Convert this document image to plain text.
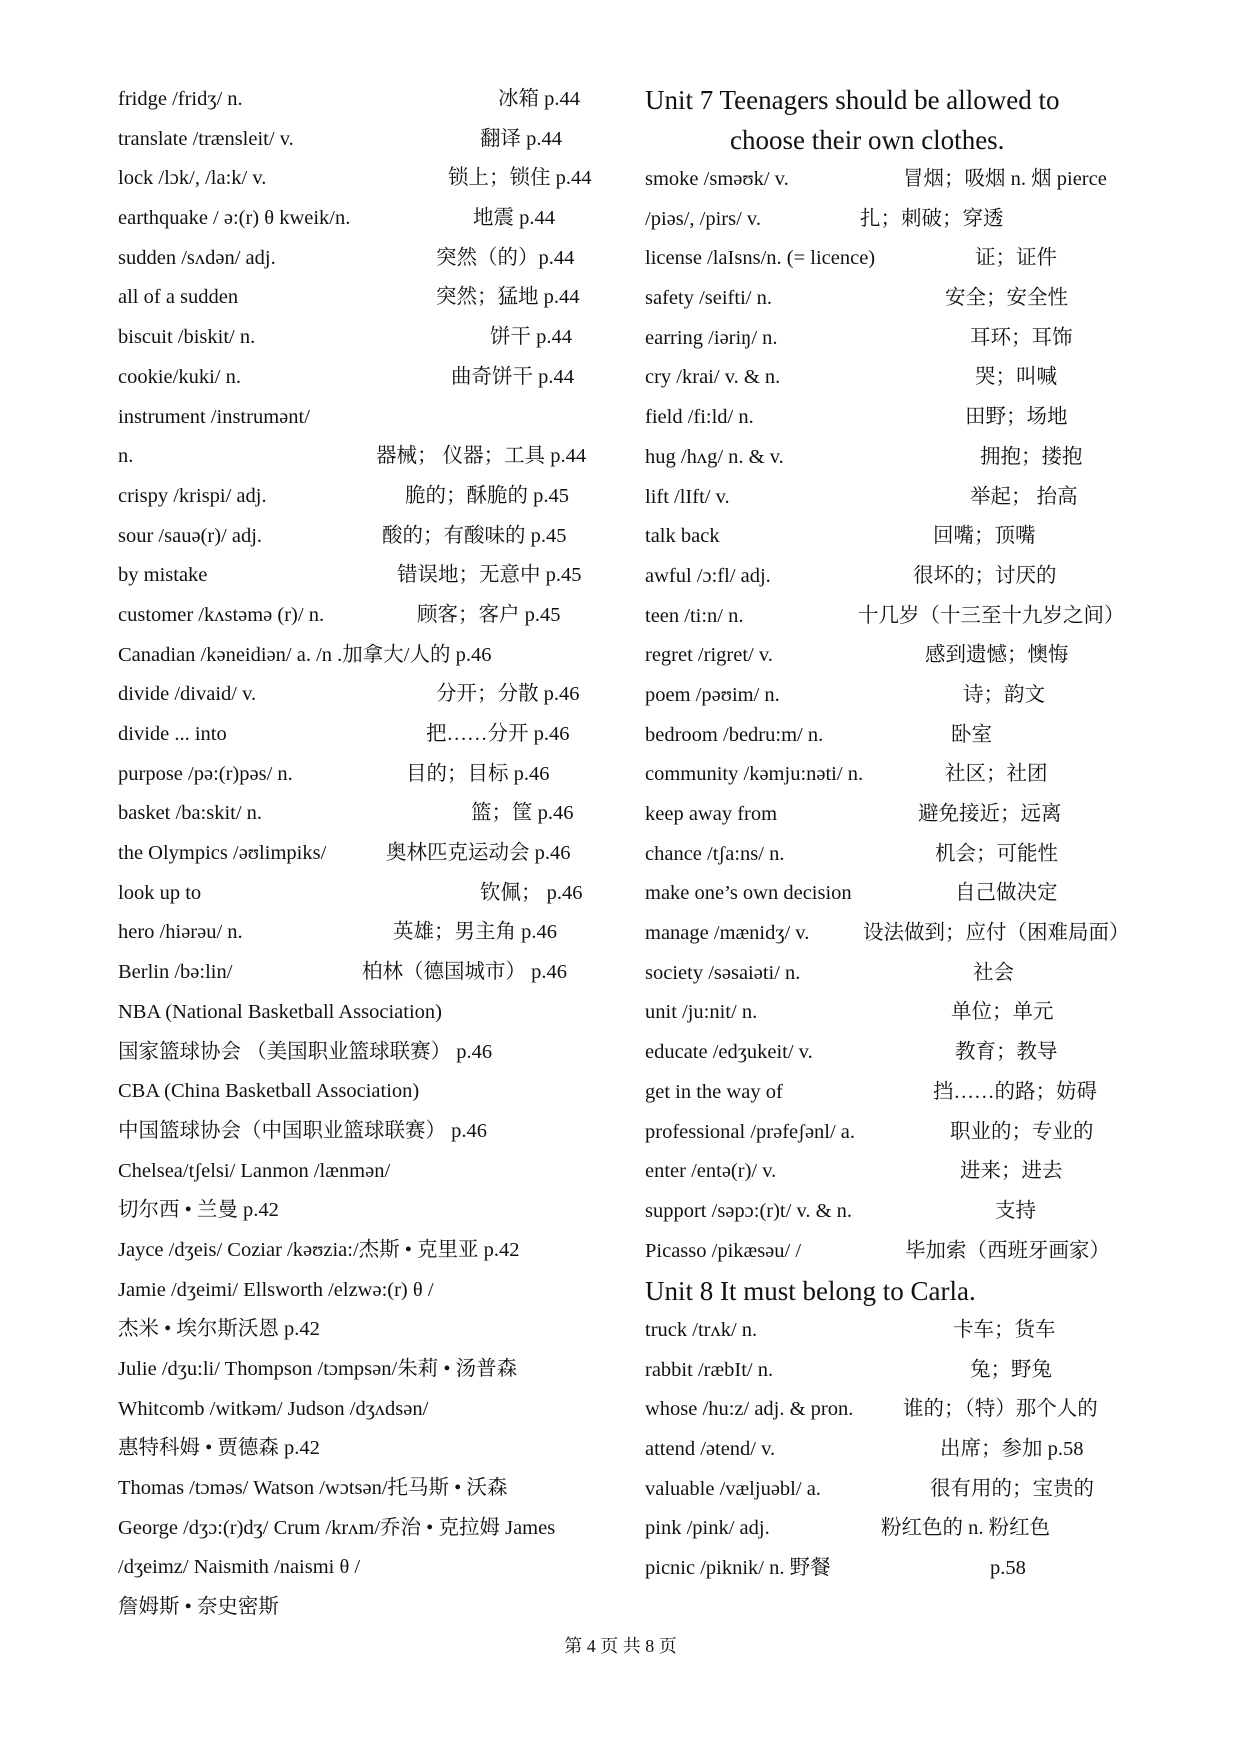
fridge /fridʒ/ n.	冰箱 p.44
translate /trænsleit/ v.	翻译 p.44
lock /lɔk/, /la:k/ v.	锁上；锁住 p.44
earthquake / ə:(r) θ kweik/n.	地震 p.44
sudden /sʌdən/ adj.	突然（的）p.44
all of a sudden	突然；猛地 p.44
biscuit /biskit/ n.	饼干 p.44
cookie/kuki/ n.	曲奇饼干 p.44
instrument /instrumənt/
n.	器械； 仪器；工具 p.44
crispy /krispi/ adj.	脆的；酥脆的 p.45
sour /sauə(r)/ adj.	酸的；有酸味的 p.45
by mistake	错误地；无意中 p.45
customer /kʌstəmə (r)/ n.	顾客；客户 p.45
Canadian /kəneidiən/ a. /n .加拿大/人的 p.46
divide /divaid/ v.	分开；分散 p.46
divide ... into	把……分开 p.46
purpose /pə:(r)pəs/ n.	目的；目标 p.46
basket /ba:skit/ n.	篮；筐 p.46
the Olympics /əʊlimpiks/	奥林匹克运动会 p.46
look up to	钦佩； p.46
hero /hiərəu/ n.	英雄；男主角 p.46
Berlin /bə:lin/	柏林（德国城市） p.46
NBA (National Basketball Association)
国家篮球协会 （美国职业篮球联赛） p.46
CBA (China Basketball Association)
中国篮球协会（中国职业篮球联赛） p.46
Chelsea/tʃelsi/ Lanmon /lænmən/
切尔西 • 兰曼 p.42
Jayce /dʒeis/ Coziar /kəʊzia:/杰斯 • 克里亚 p.42
Jamie /dʒeimi/ Ellsworth /elzwə:(r) θ /
杰米 • 埃尔斯沃恩 p.42
Julie /dʒu:li/ Thompson /tɔmpsən/朱莉 • 汤普森
Whitcomb /witkəm/ Judson /dʒʌdsən/
惠特科姆 • 贾德森 p.42
Thomas /tɔməs/ Watson /wɔtsən/托马斯 • 沃森
George /dʒɔ:(r)dʒ/ Crum /krʌm/乔治 • 克拉姆 James
/dʒeimz/ Naismith /naismi θ /
詹姆斯 • 奈史密斯
Unit 7 Teenagers should be allowed to
choose their own clothes.
smoke /sməʊk/ v.	冒烟；吸烟 n. 烟 pierce
/piəs/, /pirs/ v.	扎；刺破；穿透
license /laIsns/n. (= licence)	证；证件
safety /seifti/ n.	安全；安全性
earring /iəriŋ/ n.	耳环；耳饰
cry /krai/ v. & n.	哭；叫喊
field /fi:ld/ n.	田野；场地
hug /hʌg/ n. & v.	拥抱；搂抱
lift /lIft/ v.	举起； 抬高
talk back	回嘴；顶嘴
awful /ɔ:fl/ adj.	很坏的；讨厌的
teen /ti:n/ n.	十几岁（十三至十九岁之间）
regret /rigret/ v.	感到遗憾；懊悔
poem /pəʊim/ n.	诗；韵文
bedroom /bedru:m/ n.	卧室
community /kəmju:nəti/ n.	社区；社团
keep away from	避免接近；远离
chance /tʃa:ns/ n.	机会；可能性
make one’s own decision	自己做决定
manage /mænidʒ/ v.	设法做到；应付（困难局面）
society /səsaiəti/ n.	社会
unit /ju:nit/ n.	单位；单元
educate /edʒukeit/ v.	教育；教导
get in the way of	挡……的路；妨碍
professional /prəfeʃənl/ a.	职业的；专业的
enter /entə(r)/ v.	进来；进去
support /səpɔ:(r)t/ v. & n.	支持
Picasso /pikæsəu/ /	毕加索（西班牙画家）
Unit 8 It must belong to Carla.
truck /trʌk/ n.	卡车；货车
rabbit /ræbIt/ n.	兔；野兔
whose /hu:z/ adj. & pron. 谁的；（特）那个人的
attend /ətend/ v.	出席；参加 p.58
valuable /væljuəbl/ a.	很有用的；宝贵的
pink /pink/ adj.	粉红色的 n. 粉红色
picnic /piknik/ n. 野餐	p.58
第 4 页 共 8 页
